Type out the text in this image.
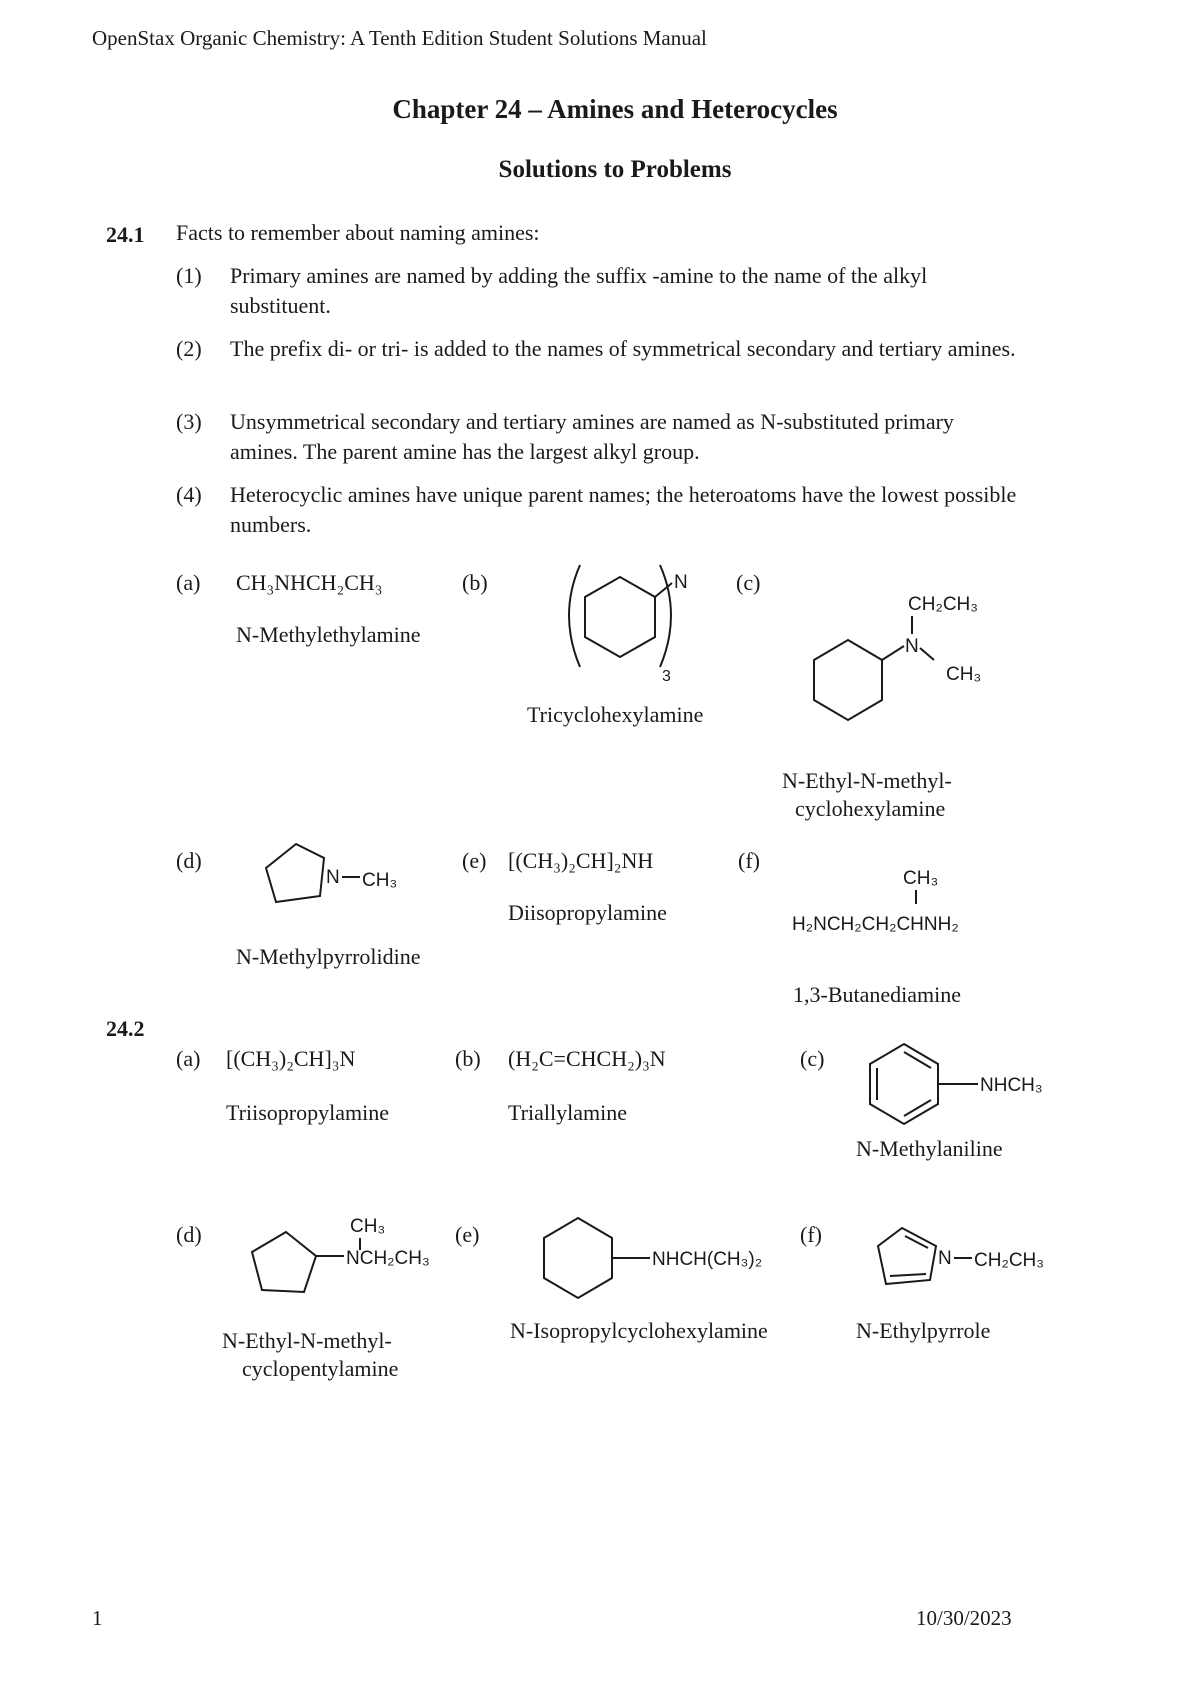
OpenStax Organic Chemistry: A Tenth Edition Student Solutions Manual
Chapter 24 – Amines and Heterocycles
Solutions to Problems
24.1 Facts to remember about naming amines:
(1) Primary amines are named by adding the suffix -amine to the name of the alkyl substituent.
(2) The prefix di- or tri- is added to the names of symmetrical secondary and tertiary amines.
(3) Unsymmetrical secondary and tertiary amines are named as N-substituted primary amines. The parent amine has the largest alkyl group.
(4) Heterocyclic amines have unique parent names; the heteroatoms have the lowest possible numbers.
(a) CH₃NHCH₂CH₃
N-Methylethylamine
(b)	N
3
Tricyclohexylamine
(c)
N
CH₂CH₃
CH₃
N-Ethyl-N-methyl-
cyclohexylamine
(d)
N CH₃
N-Methylpyrrolidine
(e) [(CH₃)₂CH]₂NH
Diisopropylamine
(f)
CH₃
H₂NCH₂CH₂CHNH₂
1,3-Butanediamine
24.2
(a) [(CH₃)₂CH]₃N
Triisopropylamine
(b) (H₂C=CHCH₂)₃N
Triallylamine
(c)
NHCH₃
N-Methylaniline
(d)	CH₃
NCH₂CH₃
N-Ethyl-N-methyl-
cyclopentylamine
(e)
NHCH(CH₃)₂
N-Isopropylcyclohexylamine
(f)
N CH₂CH₃
N-Ethylpyrrole
1	10/30/2023
